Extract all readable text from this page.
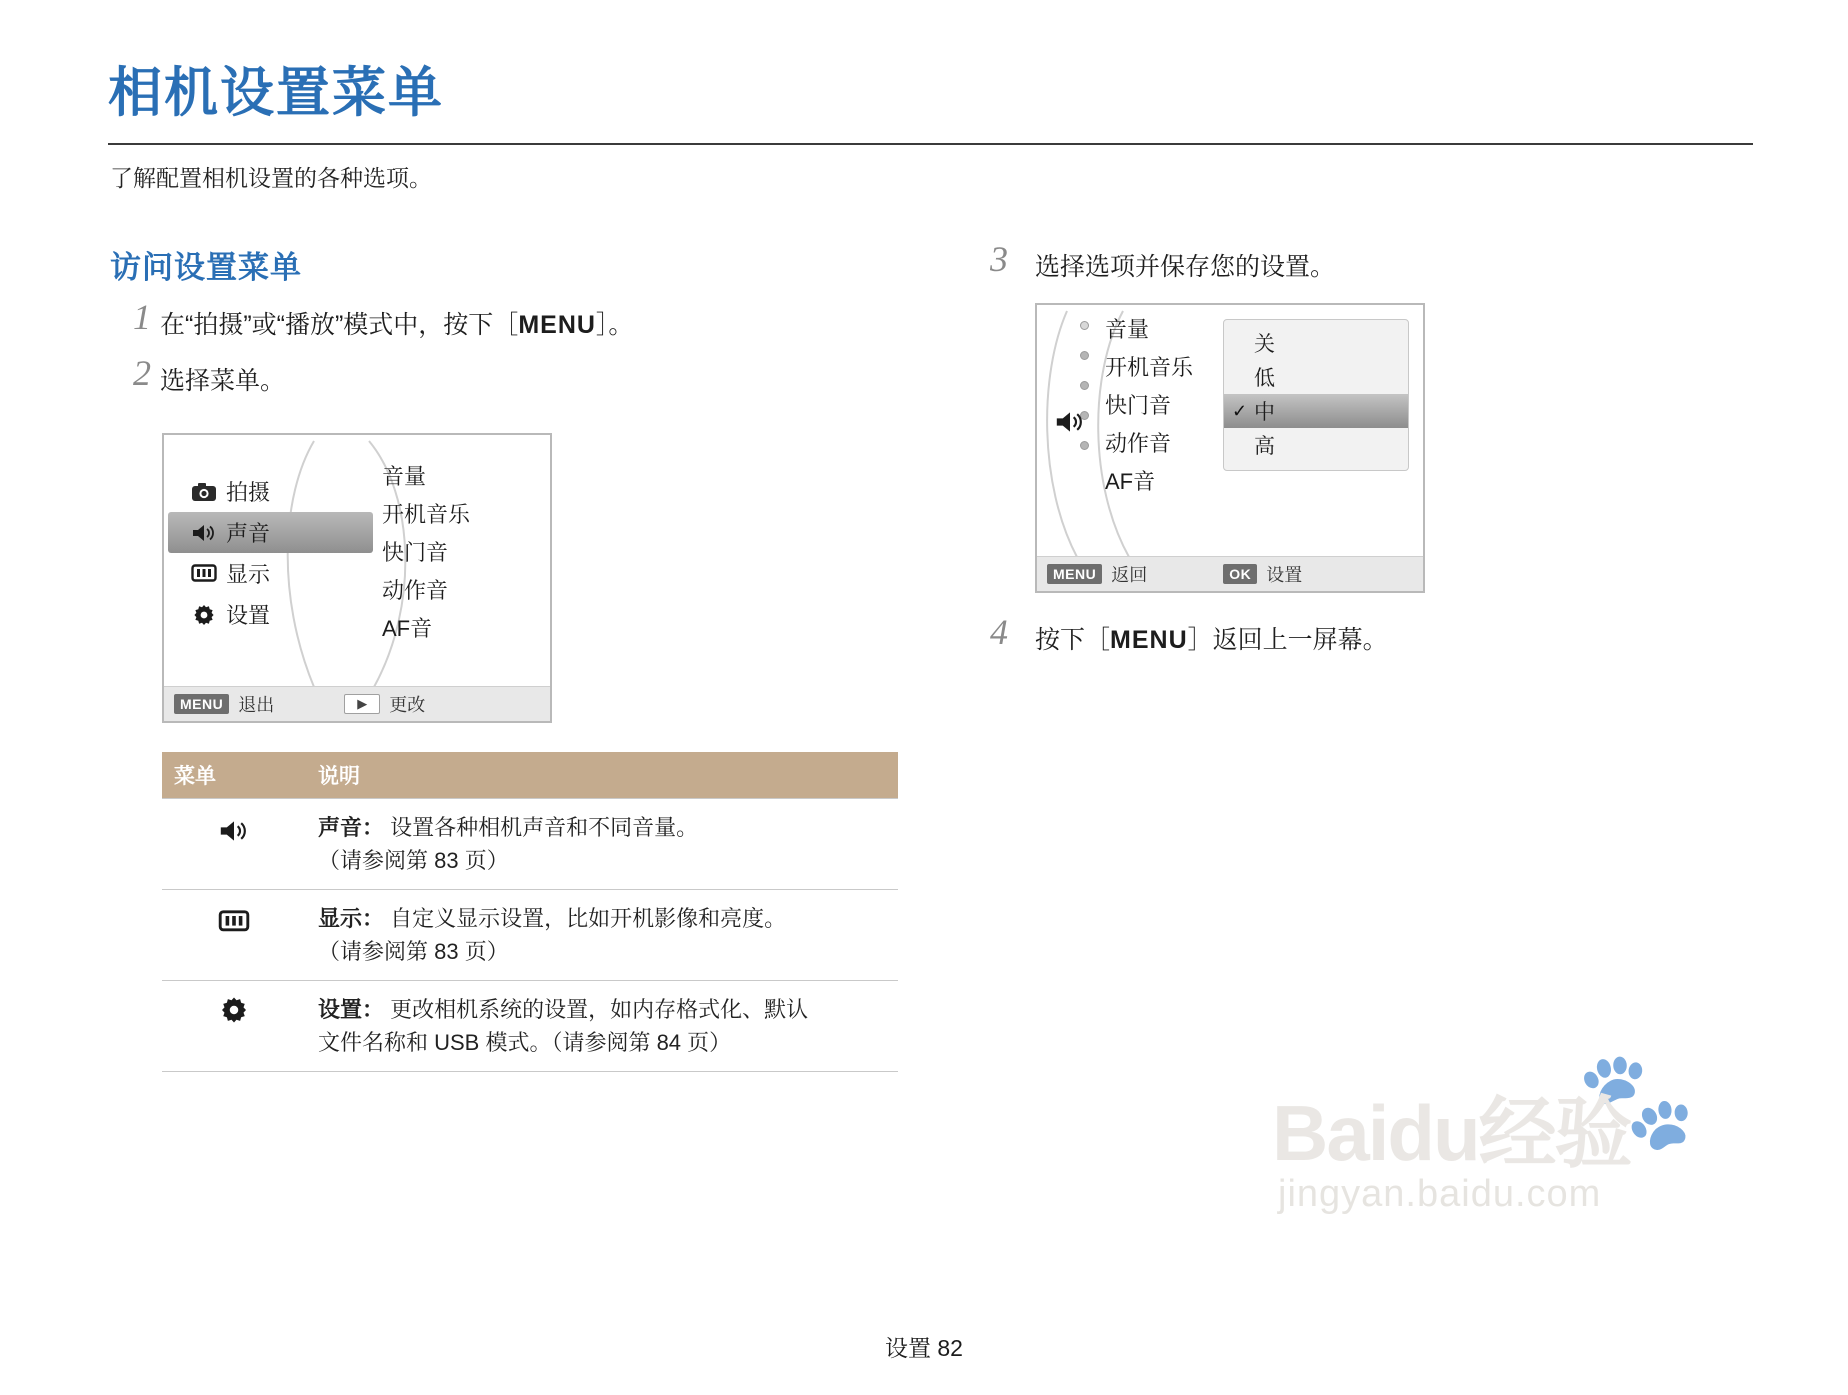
相机设置菜单
了解配置相机设置的各种选项。
访问设置菜单
1 在“拍摄”或“播放”模式中，按下［MENU］。
2 选择菜单。
拍摄
声音
显示
设置
音量
开机音乐
快门音
动作音
AF音
MENU 退出	▶	更改
菜单	说明
	声音： 设置各种相机声音和不同音量。
（请参阅第 83 页）
	显示： 自定义显示设置，比如开机影像和亮度。
（请参阅第 83 页）
	设置： 更改相机系统的设置，如内存格式化、默认
文件名称和 USB 模式。（请参阅第 84 页）
3 选择选项并保存您的设置。
音量
开机音乐
快门音
动作音
AF音
关
低
✓ 中
高
MENU 返回	OK 设置
4 按下［MENU］返回上一屏幕。
🐾
Baidu经验
jingyan.baidu.com
设置 82
